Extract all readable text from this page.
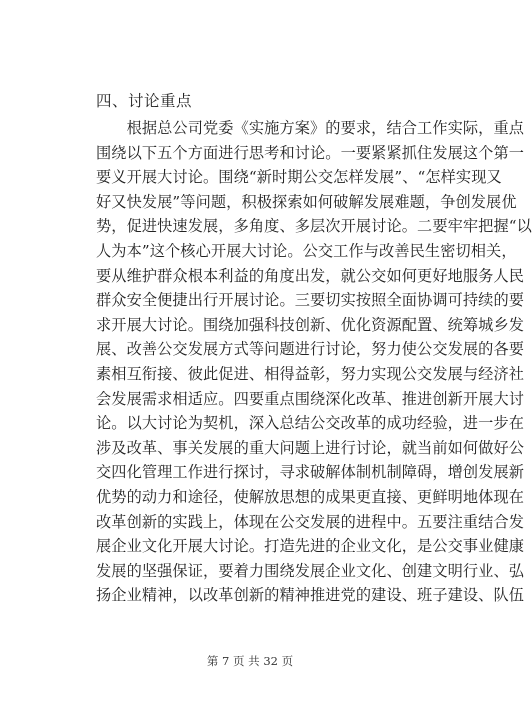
四、讨论重点
　　根据总公司党委《实施方案》的要求，结合工作实际，重点
围绕以下五个方面进行思考和讨论。一要紧紧抓住发展这个第一
要义开展大讨论。围绕“新时期公交怎样发展”、“怎样实现又
好又快发展”等问题，积极探索如何破解发展难题，争创发展优
势，促进快速发展，多角度、多层次开展讨论。二要牢牢把握“以
人为本”这个核心开展大讨论。公交工作与改善民生密切相关，
要从维护群众根本利益的角度出发，就公交如何更好地服务人民
群众安全便捷出行开展讨论。三要切实按照全面协调可持续的要
求开展大讨论。围绕加强科技创新、优化资源配置、统筹城乡发
展、改善公交发展方式等问题进行讨论，努力使公交发展的各要
素相互衔接、彼此促进、相得益彰，努力实现公交发展与经济社
会发展需求相适应。四要重点围绕深化改革、推进创新开展大讨
论。以大讨论为契机，深入总结公交改革的成功经验，进一步在
涉及改革、事关发展的重大问题上进行讨论，就当前如何做好公
交四化管理工作进行探讨，寻求破解体制机制障碍，增创发展新
优势的动力和途径，使解放思想的成果更直接、更鲜明地体现在
改革创新的实践上，体现在公交发展的进程中。五要注重结合发
展企业文化开展大讨论。打造先进的企业文化，是公交事业健康
发展的坚强保证，要着力围绕发展企业文化、创建文明行业、弘
扬企业精神，以改革创新的精神推进党的建设、班子建设、队伍
第 7 页 共 32 页
